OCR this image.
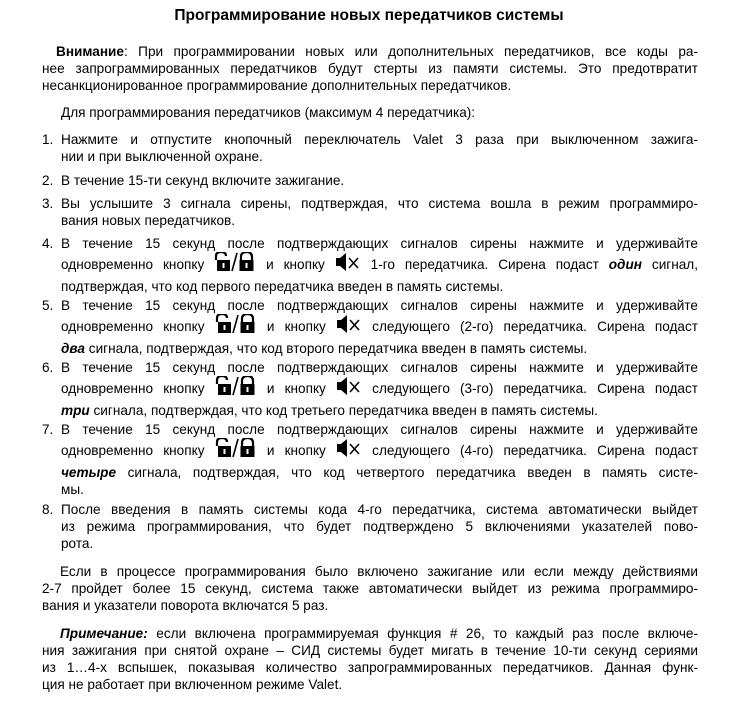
Программирование новых передатчиков системы
Внимание: При программировании новых или дополнительных передатчиков, все коды ра-
нее запрограммированных передатчиков будут стерты из памяти системы. Это предотвратит
несанкционированное программирование дополнительных передатчиков.
Для программирования передатчиков (максимум 4 передатчика):
1. Нажмите и отпустите кнопочный переключатель Valet 3 раза при выключенном зажига-
нии и при выключенной охране.
2. В течение 15-ти секунд включите зажигание.
3. Вы услышите 3 сигнала сирены, подтверждая, что система вошла в режим программиро-
вания новых передатчиков.
4. В течение 15 секунд после подтверждающих сигналов сирены нажмите и удерживайте
одновременно кнопку	и кнопку	1-го передатчика. Сирена подаст один сигнал,
подтверждая, что код первого передатчика введен в память системы.
5. В течение 15 секунд после подтверждающих сигналов сирены нажмите и удерживайте
одновременно кнопку	и кнопку	следующего (2-го) передатчика. Сирена подаст
два сигнала, подтверждая, что код второго передатчика введен в память системы.
6. В течение 15 секунд после подтверждающих сигналов сирены нажмите и удерживайте
одновременно кнопку	и кнопку	следующего (3-го) передатчика. Сирена подаст
три сигнала, подтверждая, что код третьего передатчика введен в память системы.
7. В течение 15 секунд после подтверждающих сигналов сирены нажмите и удерживайте
одновременно кнопку	и кнопку	следующего (4-го) передатчика. Сирена подаст
четыре сигнала, подтверждая, что код четвертого передатчика введен в память систе-
мы.
8. После введения в память системы кода 4-го передатчика, система автоматически выйдет
из режима программирования, что будет подтверждено 5 включениями указателей пово-
рота.
Если в процессе программирования было включено зажигание или если между действиями
2-7 пройдет более 15 секунд, система также автоматически выйдет из режима программиро-
вания и указатели поворота включатся 5 раз.
Примечание: если включена программируемая функция # 26, то каждый раз после включе-
ния зажигания при снятой охране – СИД системы будет мигать в течение 10-ти секунд сериями
из 1…4-х вспышек, показывая количество запрограммированных передатчиков. Данная функ-
ция не работает при включенном режиме Valet.
